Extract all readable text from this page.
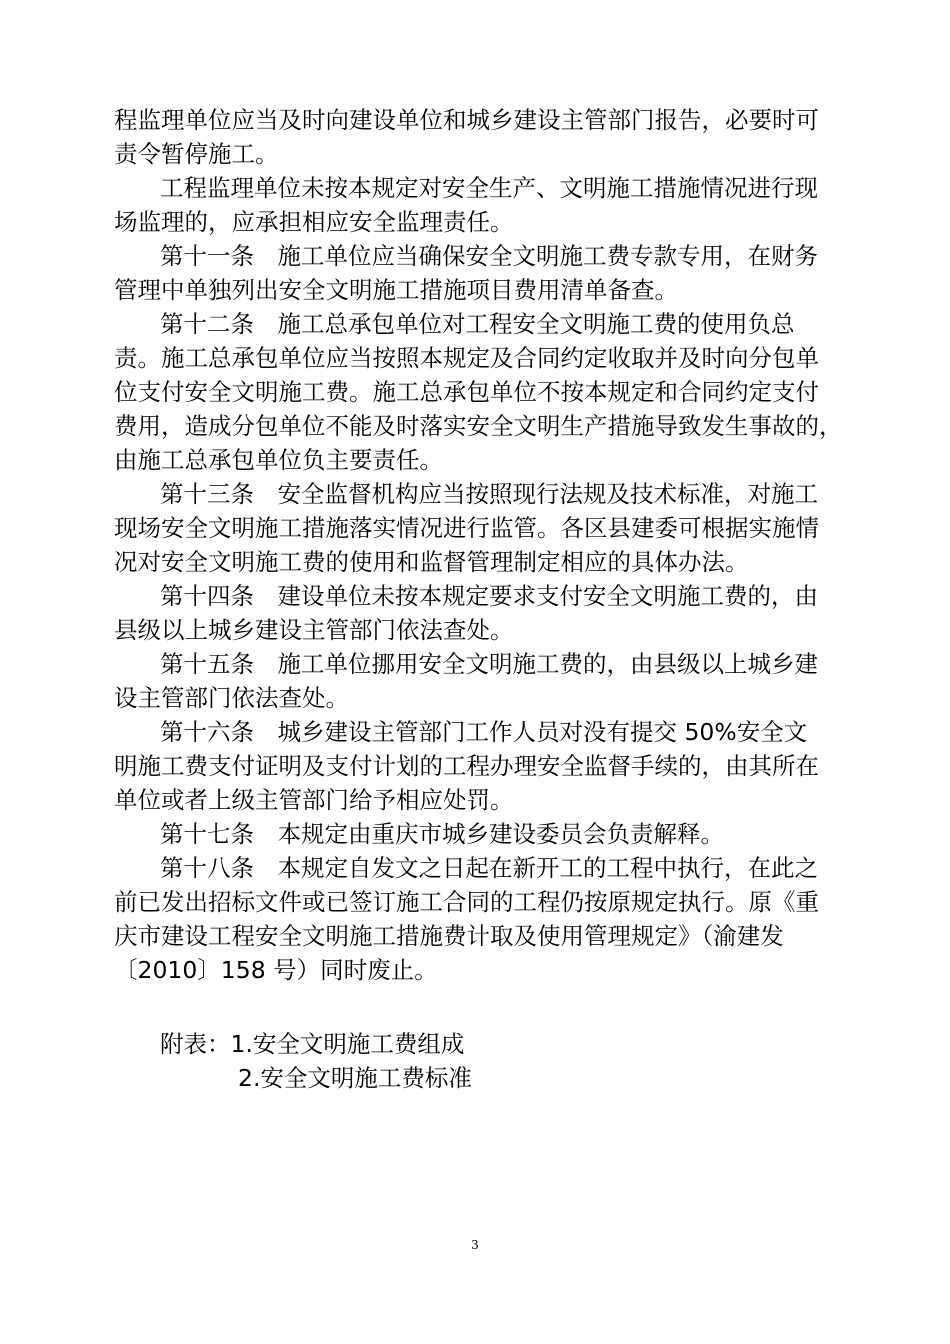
程监理单位应当及时向建设单位和城乡建设主管部门报告，必要时可
责令暂停施工。
工程监理单位未按本规定对安全生产、文明施工措施情况进行现
场监理的，应承担相应安全监理责任。
第十一条　施工单位应当确保安全文明施工费专款专用，在财务
管理中单独列出安全文明施工措施项目费用清单备查。
第十二条　施工总承包单位对工程安全文明施工费的使用负总
责。施工总承包单位应当按照本规定及合同约定收取并及时向分包单
位支付安全文明施工费。施工总承包单位不按本规定和合同约定支付
费用，造成分包单位不能及时落实安全文明生产措施导致发生事故的，
由施工总承包单位负主要责任。
第十三条　安全监督机构应当按照现行法规及技术标准，对施工
现场安全文明施工措施落实情况进行监管。各区县建委可根据实施情
况对安全文明施工费的使用和监督管理制定相应的具体办法。
第十四条　建设单位未按本规定要求支付安全文明施工费的，由
县级以上城乡建设主管部门依法查处。
第十五条　施工单位挪用安全文明施工费的，由县级以上城乡建
设主管部门依法查处。
第十六条　城乡建设主管部门工作人员对没有提交 50%安全文
明施工费支付证明及支付计划的工程办理安全监督手续的，由其所在
单位或者上级主管部门给予相应处罚。
第十七条　本规定由重庆市城乡建设委员会负责解释。
第十八条　本规定自发文之日起在新开工的工程中执行，在此之
前已发出招标文件或已签订施工合同的工程仍按原规定执行。原《重
庆市建设工程安全文明施工措施费计取及使用管理规定》（渝建发
〔2010〕158 号）同时废止。
附表：1.安全文明施工费组成
2.安全文明施工费标准
3
